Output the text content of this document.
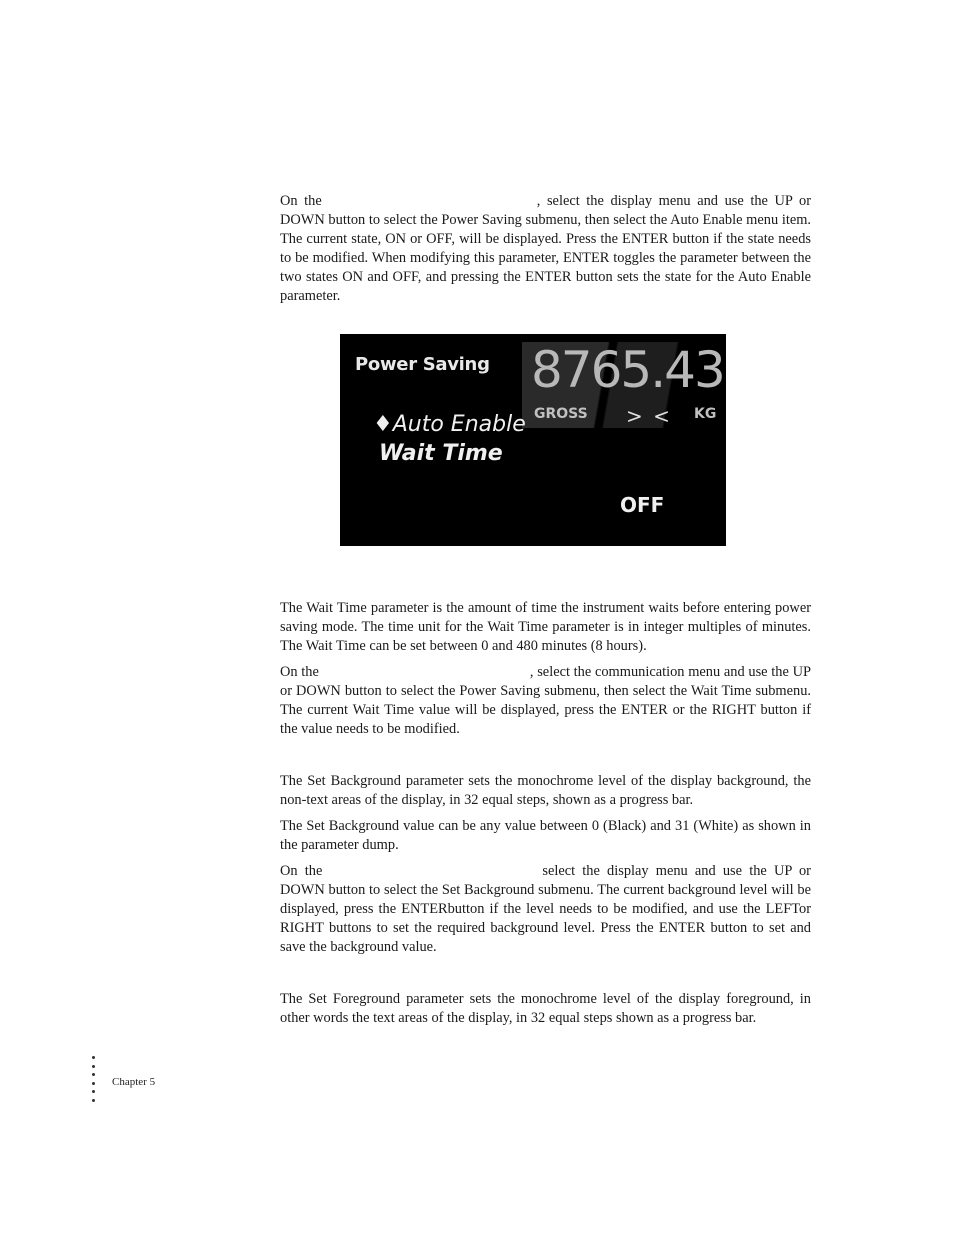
On the	, select the display menu and use the UP or DOWN button to select the Power Saving submenu, then select the Auto Enable menu item. The current state, ON or OFF, will be displayed. Press the ENTER button if the state needs to be modified. When modifying this parameter, ENTER toggles the parameter between the two states ON and OFF, and pressing the ENTER button sets the state for the Auto Enable parameter.

Power Saving 8765.43
GROSS > < KG
♦Auto Enable
Wait Time
OFF

The Wait Time parameter is the amount of time the instrument waits before entering power saving mode. The time unit for the Wait Time parameter is in integer multiples of minutes. The Wait Time can be set between 0 and 480 minutes (8 hours).

On the	, select the communication menu and use the UP or DOWN button to select the Power Saving submenu, then select the Wait Time submenu. The current Wait Time value will be displayed, press the ENTER or the RIGHT button if the value needs to be modified.

The Set Background parameter sets the monochrome level of the display background, the non-text areas of the display, in 32 equal steps, shown as a progress bar.

The Set Background value can be any value between 0 (Black) and 31 (White) as shown in the parameter dump.

On the	select the display menu and use the UP or DOWN button to select the Set Background submenu. The current background level will be displayed, press the ENTERbutton if the level needs to be modified, and use the LEFTor RIGHT buttons to set the required background level. Press the ENTER button to set and save the background value.

The Set Foreground parameter sets the monochrome level of the display foreground, in other words the text areas of the display, in 32 equal steps shown as a progress bar.

Chapter 5
